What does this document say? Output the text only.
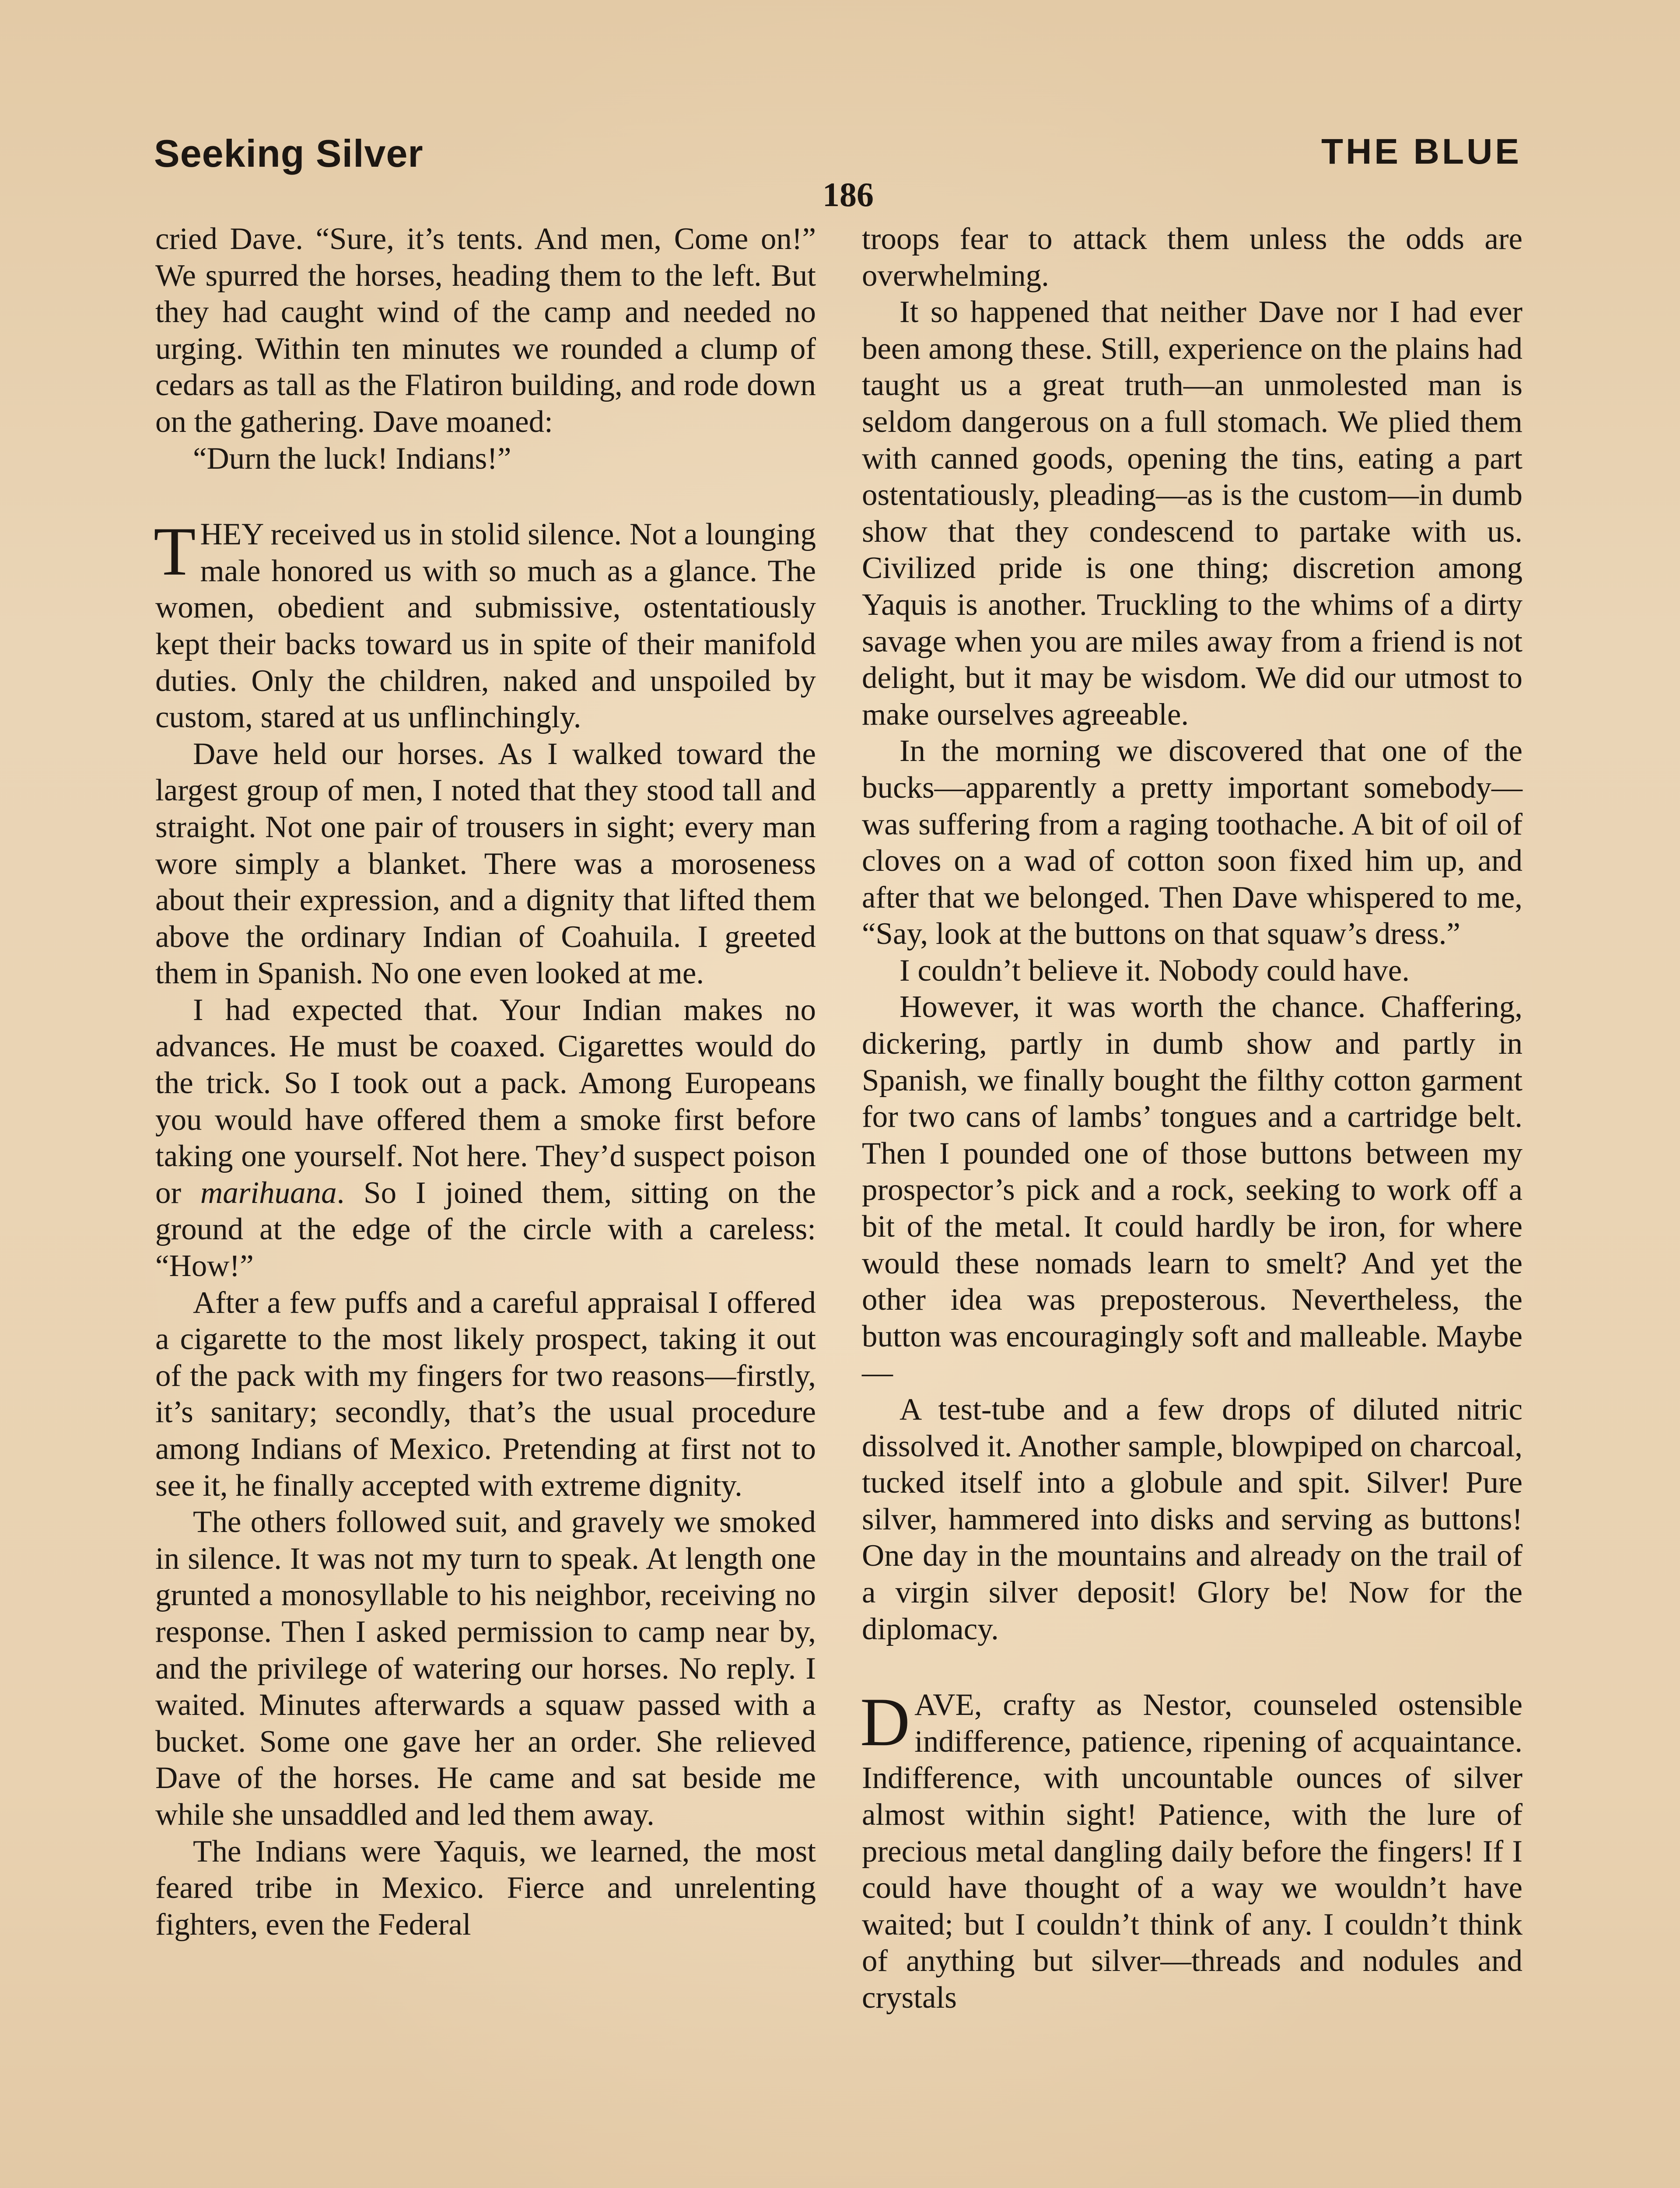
Seeking Silver	THE BLUE
186

cried Dave. “Sure, it’s tents. And men, Come on!” We spurred the horses, heading them to the left. But they had caught wind of the camp and needed no urging. Within ten minutes we rounded a clump of cedars as tall as the Flatiron building, and rode down on the gathering. Dave moaned:

“Durn the luck! Indians!”

THEY received us in stolid silence. Not a lounging male honored us with so much as a glance. The women, obedient and submissive, ostentatiously kept their backs toward us in spite of their manifold duties. Only the children, naked and unspoiled by custom, stared at us unflinchingly.

Dave held our horses. As I walked toward the largest group of men, I noted that they stood tall and straight. Not one pair of trousers in sight; every man wore simply a blanket. There was a moroseness about their expression, and a dignity that lifted them above the ordinary Indian of Coahuila. I greeted them in Spanish. No one even looked at me.

I had expected that. Your Indian makes no advances. He must be coaxed. Cigarettes would do the trick. So I took out a pack. Among Europeans you would have offered them a smoke first before taking one yourself. Not here. They’d suspect poison or marihuana. So I joined them, sitting on the ground at the edge of the circle with a careless: “How!”

After a few puffs and a careful appraisal I offered a cigarette to the most likely prospect, taking it out of the pack with my fingers for two reasons—firstly, it’s sanitary; secondly, that’s the usual procedure among Indians of Mexico. Pretending at first not to see it, he finally accepted with extreme dignity.

The others followed suit, and gravely we smoked in silence. It was not my turn to speak. At length one grunted a monosyllable to his neighbor, receiving no response. Then I asked permission to camp near by, and the privilege of watering our horses. No reply. I waited. Minutes afterwards a squaw passed with a bucket. Some one gave her an order. She relieved Dave of the horses. He came and sat beside me while she unsaddled and led them away.

The Indians were Yaquis, we learned, the most feared tribe in Mexico. Fierce and unrelenting fighters, even the Federal

troops fear to attack them unless the odds are overwhelming.

It so happened that neither Dave nor I had ever been among these. Still, experience on the plains had taught us a great truth—an unmolested man is seldom dangerous on a full stomach. We plied them with canned goods, opening the tins, eating a part ostentatiously, pleading—as is the custom—in dumb show that they condescend to partake with us. Civilized pride is one thing; discretion among Yaquis is another. Truckling to the whims of a dirty savage when you are miles away from a friend is not delight, but it may be wisdom. We did our utmost to make ourselves agreeable.

In the morning we discovered that one of the bucks—apparently a pretty important somebody—was suffering from a raging toothache. A bit of oil of cloves on a wad of cotton soon fixed him up, and after that we belonged. Then Dave whispered to me, “Say, look at the buttons on that squaw’s dress.”

I couldn’t believe it. Nobody could have.

However, it was worth the chance. Chaffering, dickering, partly in dumb show and partly in Spanish, we finally bought the filthy cotton garment for two cans of lambs’ tongues and a cartridge belt. Then I pounded one of those buttons between my prospector’s pick and a rock, seeking to work off a bit of the metal. It could hardly be iron, for where would these nomads learn to smelt? And yet the other idea was preposterous. Nevertheless, the button was encouragingly soft and malleable. Maybe—

A test-tube and a few drops of diluted nitric dissolved it. Another sample, blowpiped on charcoal, tucked itself into a globule and spit. Silver! Pure silver, hammered into disks and serving as buttons! One day in the mountains and already on the trail of a virgin silver deposit! Glory be! Now for the diplomacy.

DAVE, crafty as Nestor, counseled ostensible indifference, patience, ripening of acquaintance. Indifference, with uncountable ounces of silver almost within sight! Patience, with the lure of precious metal dangling daily before the fingers! If I could have thought of a way we wouldn’t have waited; but I couldn’t think of any. I couldn’t think of anything but silver—threads and nodules and crystals
